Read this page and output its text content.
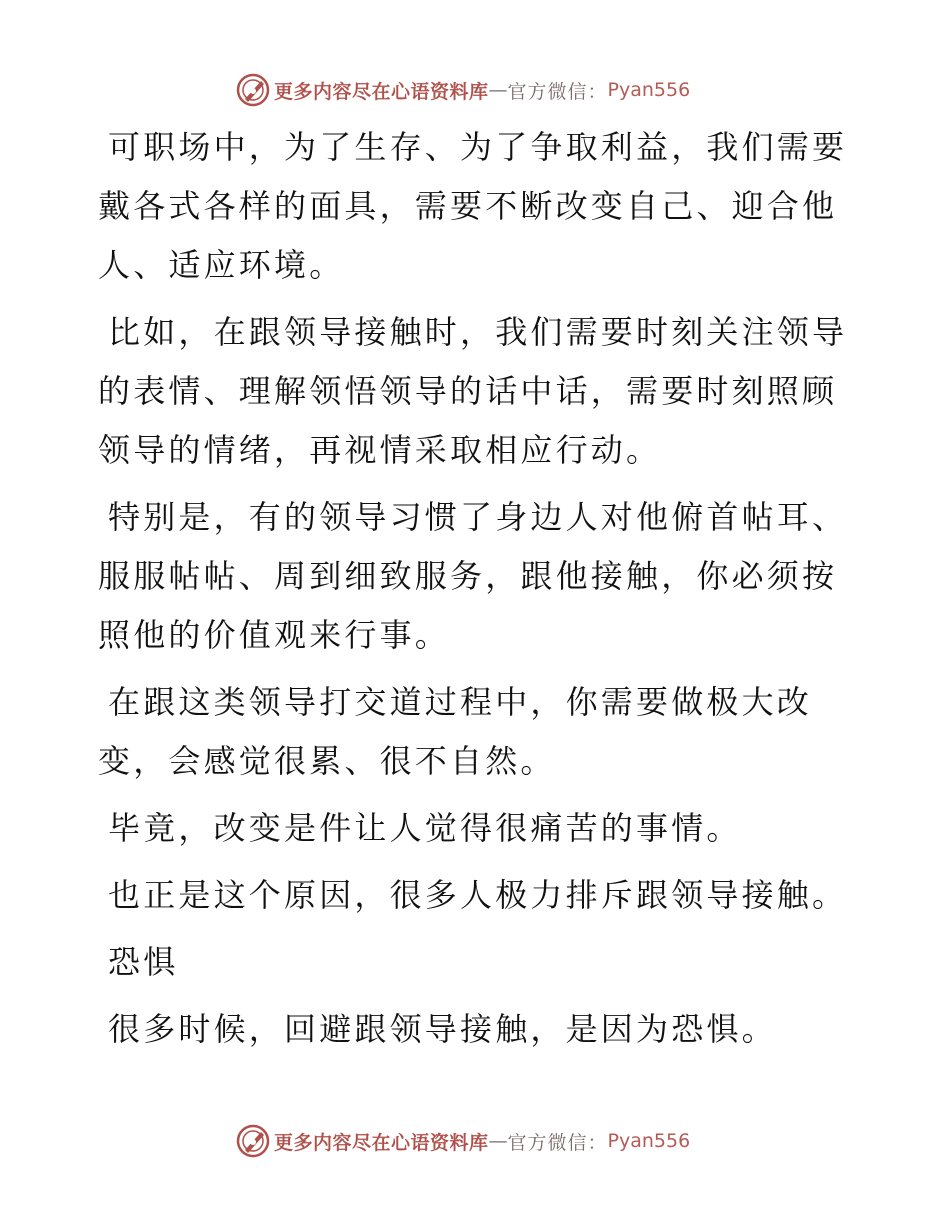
更多内容尽在心语资料库 — 官方微信： Pyan556

可职场中，为了生存、为了争取利益，我们需要戴各式各样的面具，需要不断改变自己、迎合他人、适应环境。

比如，在跟领导接触时，我们需要时刻关注领导的表情、理解领悟领导的话中话，需要时刻照顾领导的情绪，再视情采取相应行动。

特别是，有的领导习惯了身边人对他俯首帖耳、服服帖帖、周到细致服务，跟他接触，你必须按照他的价值观来行事。

在跟这类领导打交道过程中，你需要做极大改变，会感觉很累、很不自然。

毕竟，改变是件让人觉得很痛苦的事情。

也正是这个原因，很多人极力排斥跟领导接触。

恐惧

很多时候，回避跟领导接触，是因为恐惧。

更多内容尽在心语资料库 — 官方微信： Pyan556
